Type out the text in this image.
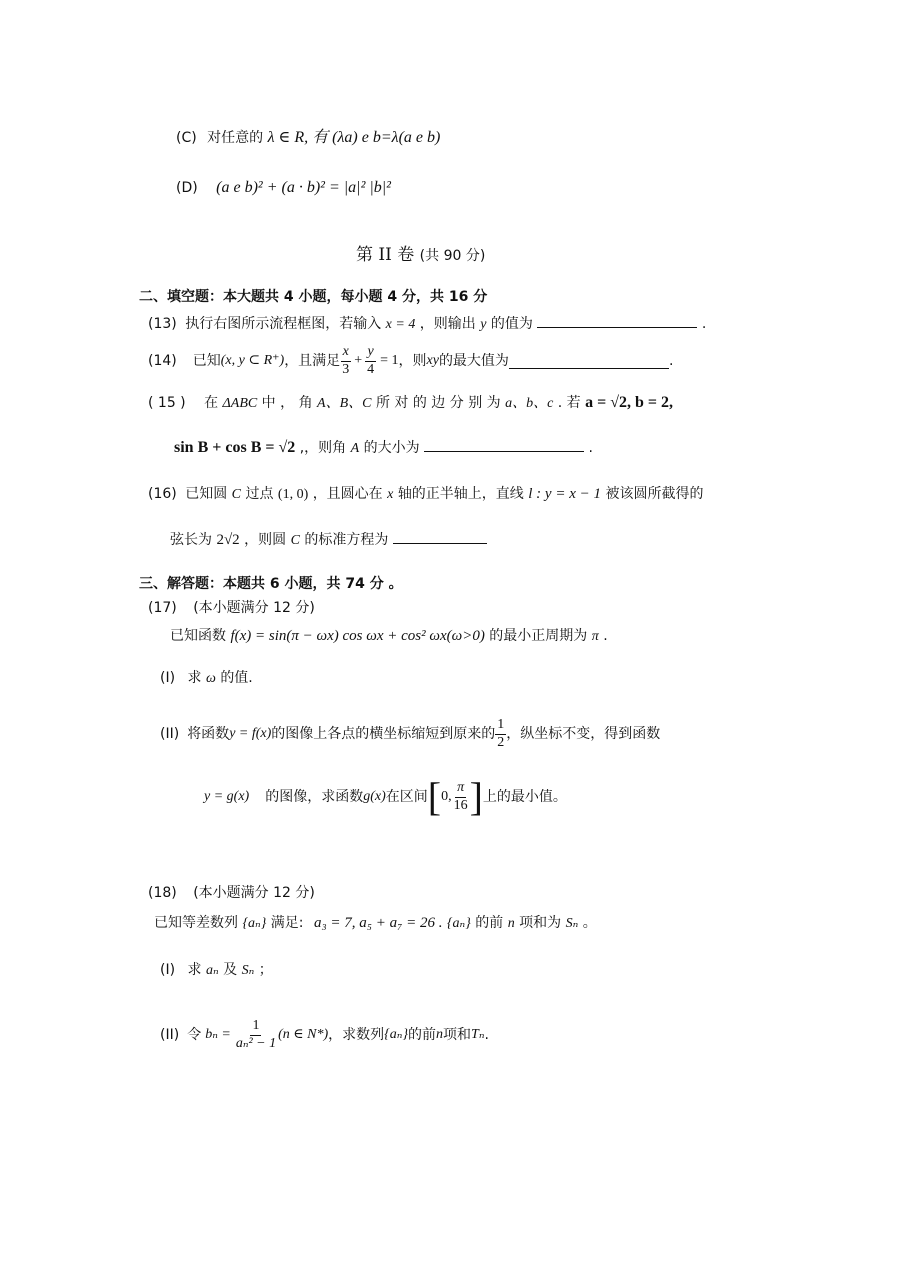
(C) 对任意的 λ ∈ R, 有 (λa) e b=λ(a e b)
(D) (a e b)² + (a · b)² = |a|² |b|²
第 II 卷 (共 90 分)
二、填空题：本大题共 4 小题，每小题 4 分，共 16 分
(13) 执行右图所示流程框图，若输入 x = 4 ，则输出 y 的值为	.
(14) 已知 (x, y ⊂ R⁺) ，且满足 $\frac{x}{3} + \frac{y}{4} = 1$ ，则 xy 的最大值为	.
( 15 ) 在 ΔABC 中 ， 角 A、B、C 所 对 的 边 分 别 为 a、b、c . 若 a = √2, b = 2,
sin B + cos B = √2 ,，则角 A 的大小为	.
(16) 已知圆 C 过点 (1, 0) ，且圆心在 x 轴的正半轴上，直线 l : y = x − 1 被该圆所截得的
弦长为 2√2 ，则圆 C 的标准方程为
三、解答题：本题共 6 小题，共 74 分 。
(17) (本小题满分 12 分)
已知函数 f(x) = sin(π − ωx) cos ωx + cos² ωx(ω>0) 的最小正周期为 π .
(I) 求 ω 的值.
(II) 将函数 y = f(x) 的图像上各点的横坐标缩短到原来的 $\frac{1}{2}$ ，纵坐标不变，得到函数
y = g(x) 的图像，求函数 g(x) 在区间 [ 0, $\frac{\pi}{16}$ ] 上的最小值。
(18) (本小题满分 12 分)
已知等差数列 {aₙ} 满足: a₃ = 7, a₅ + a₇ = 26 . {aₙ} 的前 n 项和为 Sₙ 。
(I) 求 aₙ 及 Sₙ ；
(II) 令 $b_n = \frac{1}{\text{aₙ² − 1}} (n$ ∈ N*) ，求数列 {aₙ} 的前 n 项和 Tₙ .
